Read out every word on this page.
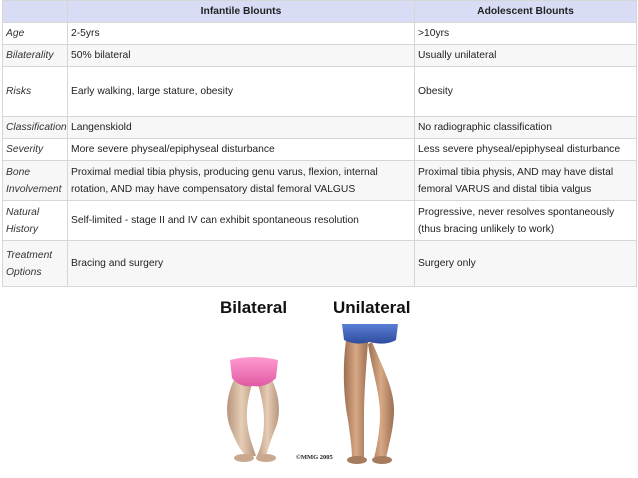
	Infantile Blounts	Adolescent Blounts
Age	2-5yrs	>10yrs
Bilaterality	50% bilateral	Usually unilateral
Risks	Early walking, large stature, obesity	Obesity
Classification	Langenskiold	No radiographic classification
Severity	More severe physeal/epiphyseal disturbance	Less severe physeal/epiphyseal disturbance
Bone Involvement	Proximal medial tibia physis, producing genu varus, flexion, internal rotation, AND may have compensatory distal femoral VALGUS	Proximal tibia physis, AND may have distal femoral VARUS and distal tibia valgus
Natural History	Self-limited - stage II and IV can exhibit spontaneous resolution	Progressive, never resolves spontaneously (thus bracing unlikely to work)
Treatment Options	Bracing and surgery	Surgery only
Bilateral	Unilateral
©MMG 2005
